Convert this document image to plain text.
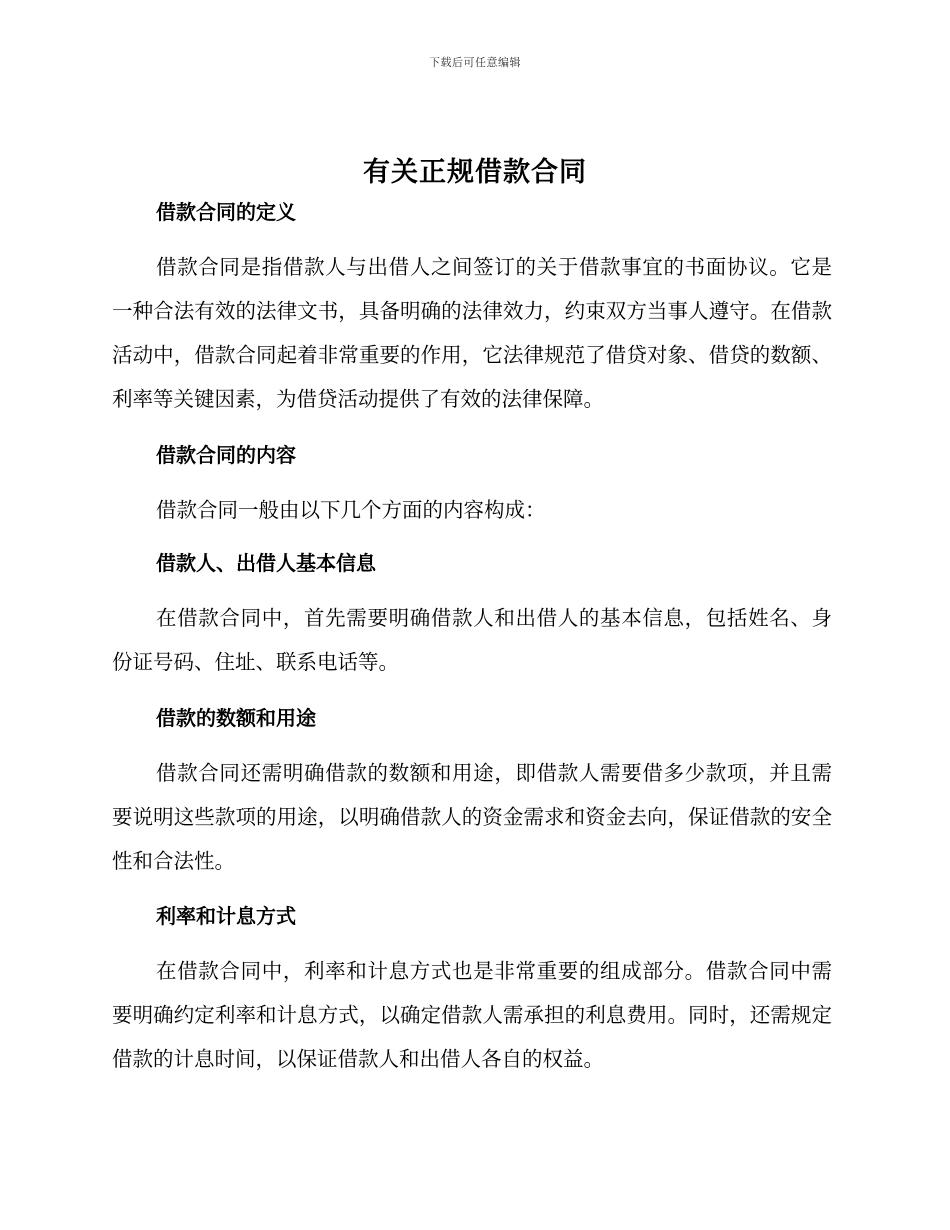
下载后可任意编辑
有关正规借款合同
借款合同的定义
借款合同是指借款人与出借人之间签订的关于借款事宜的书面协议。它是一种合法有效的法律文书，具备明确的法律效力，约束双方当事人遵守。在借款活动中，借款合同起着非常重要的作用，它法律规范了借贷对象、借贷的数额、利率等关键因素，为借贷活动提供了有效的法律保障。
借款合同的内容
借款合同一般由以下几个方面的内容构成：
借款人、出借人基本信息
在借款合同中，首先需要明确借款人和出借人的基本信息，包括姓名、身份证号码、住址、联系电话等。
借款的数额和用途
借款合同还需明确借款的数额和用途，即借款人需要借多少款项，并且需要说明这些款项的用途，以明确借款人的资金需求和资金去向，保证借款的安全性和合法性。
利率和计息方式
在借款合同中，利率和计息方式也是非常重要的组成部分。借款合同中需要明确约定利率和计息方式，以确定借款人需承担的利息费用。同时，还需规定借款的计息时间，以保证借款人和出借人各自的权益。
